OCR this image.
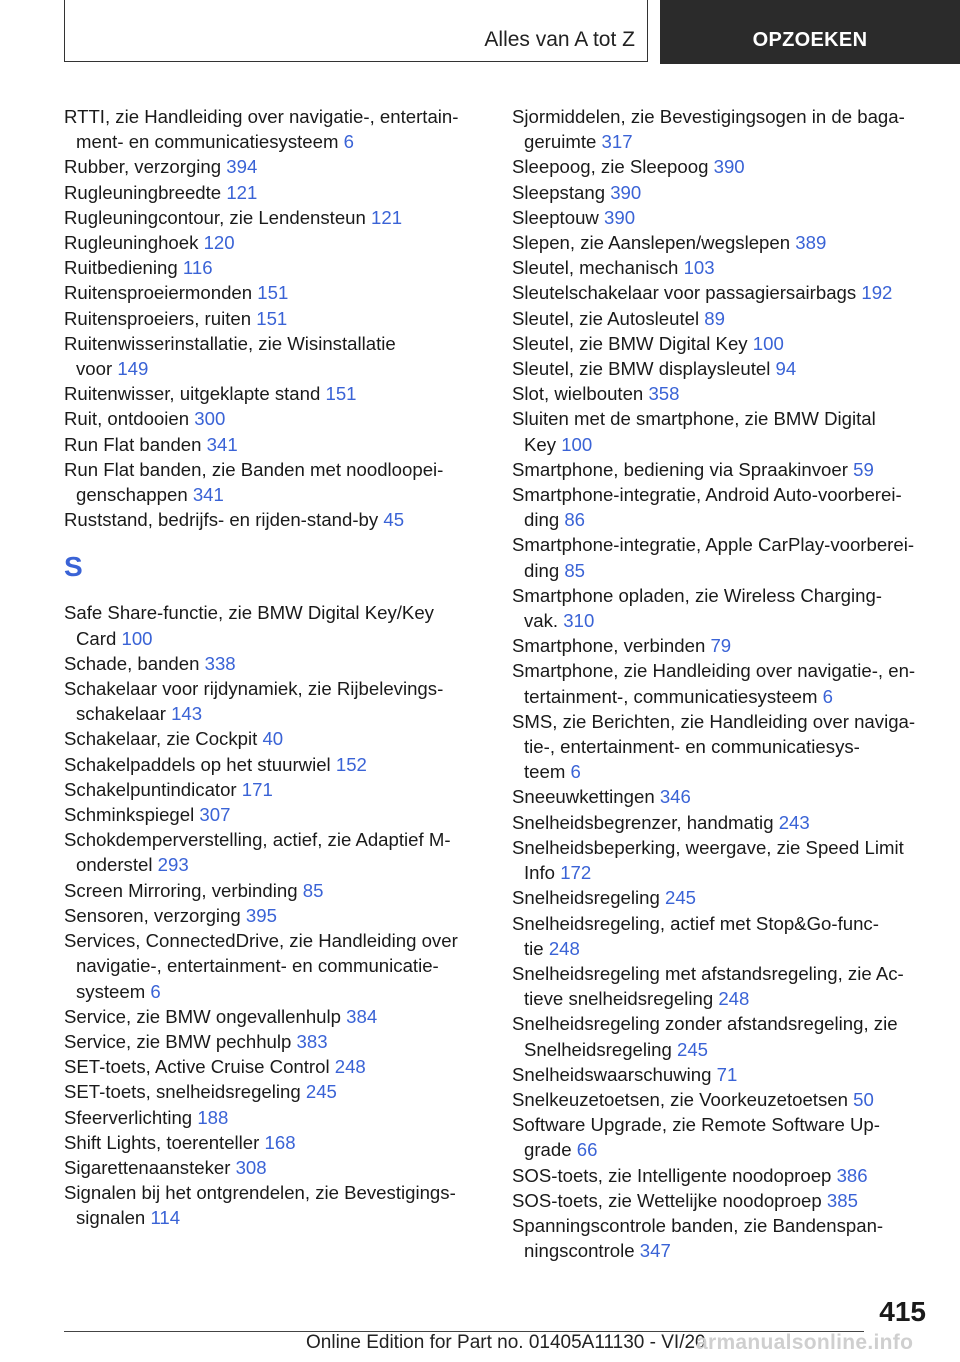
Alles van A tot Z	OPZOEKEN
RTTI, zie Handleiding over navigatie-, entertain-
ment- en communicatiesysteem 6
Rubber, verzorging 394
Rugleuningbreedte 121
Rugleuningcontour, zie Lendensteun 121
Rugleuninghoek 120
Ruitbediening 116
Ruitensproeiermonden 151
Ruitensproeiers, ruiten 151
Ruitenwisserinstallatie, zie Wisinstallatie
voor 149
Ruitenwisser, uitgeklapte stand 151
Ruit, ontdooien 300
Run Flat banden 341
Run Flat banden, zie Banden met noodloopei-
genschappen 341
Ruststand, bedrijfs- en rijden-stand-by 45
S
Safe Share-functie, zie BMW Digital Key/Key
Card 100
Schade, banden 338
Schakelaar voor rijdynamiek, zie Rijbelevings-
schakelaar 143
Schakelaar, zie Cockpit 40
Schakelpaddels op het stuurwiel 152
Schakelpuntindicator 171
Schminkspiegel 307
Schokdemperverstelling, actief, zie Adaptief M-
onderstel 293
Screen Mirroring, verbinding 85
Sensoren, verzorging 395
Services, ConnectedDrive, zie Handleiding over
navigatie-, entertainment- en communicatie-
systeem 6
Service, zie BMW ongevallenhulp 384
Service, zie BMW pechhulp 383
SET-toets, Active Cruise Control 248
SET-toets, snelheidsregeling 245
Sfeerverlichting 188
Shift Lights, toerenteller 168
Sigarettenaansteker 308
Signalen bij het ontgrendelen, zie Bevestigings-
signalen 114
Sjormiddelen, zie Bevestigingsogen in de baga-
geruimte 317
Sleepoog, zie Sleepoog 390
Sleepstang 390
Sleeptouw 390
Slepen, zie Aanslepen/wegslepen 389
Sleutel, mechanisch 103
Sleutelschakelaar voor passagiersairbags 192
Sleutel, zie Autosleutel 89
Sleutel, zie BMW Digital Key 100
Sleutel, zie BMW displaysleutel 94
Slot, wielbouten 358
Sluiten met de smartphone, zie BMW Digital
Key 100
Smartphone, bediening via Spraakinvoer 59
Smartphone-integratie, Android Auto-voorberei-
ding 86
Smartphone-integratie, Apple CarPlay-voorberei-
ding 85
Smartphone opladen, zie Wireless Charging-
vak. 310
Smartphone, verbinden 79
Smartphone, zie Handleiding over navigatie-, en-
tertainment-, communicatiesysteem 6
SMS, zie Berichten, zie Handleiding over naviga-
tie-, entertainment- en communicatiesys-
teem 6
Sneeuwkettingen 346
Snelheidsbegrenzer, handmatig 243
Snelheidsbeperking, weergave, zie Speed Limit
Info 172
Snelheidsregeling 245
Snelheidsregeling, actief met Stop&Go-func-
tie 248
Snelheidsregeling met afstandsregeling, zie Ac-
tieve snelheidsregeling 248
Snelheidsregeling zonder afstandsregeling, zie
Snelheidsregeling 245
Snelheidswaarschuwing 71
Snelkeuzetoetsen, zie Voorkeuzetoetsen 50
Software Upgrade, zie Remote Software Up-
grade 66
SOS-toets, zie Intelligente noodoproep 386
SOS-toets, zie Wettelijke noodoproep 385
Spanningscontrole banden, zie Bandenspan-
ningscontrole 347
415
Online Edition for Part no. 01405A11130 - VI/20
armanualsonline.info
